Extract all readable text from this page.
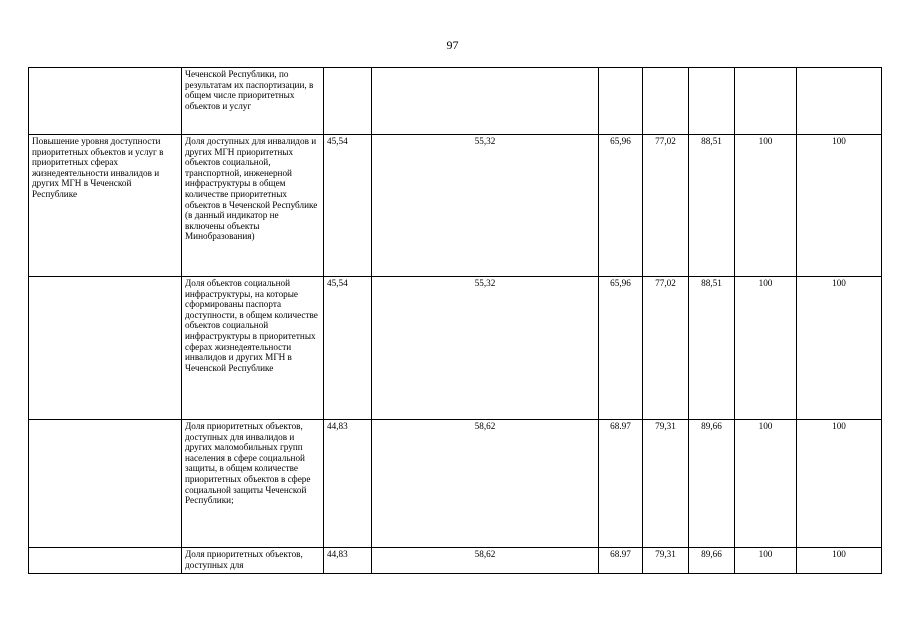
97
	Чеченской Республики, по результатам их паспортизации, в общем числе приоритетных объектов и услуг							
Повышение уровня доступности приоритетных объектов и услуг в приоритетных сферах жизнедеятельности инвалидов и других МГН в Чеченской Республике	Доля доступных для инвалидов и других МГН приоритетных объектов социальной, транспортной, инженерной инфраструктуры в общем количестве приоритетных объектов в Чеченской Республике (в данный индикатор не включены объекты Минобразования)	45,54	55,32	65,96	77,02	88,51	100	100
	Доля объектов социальной инфраструктуры, на которые сформированы паспорта доступности, в общем количестве объектов социальной инфраструктуры в приоритетных сферах жизнедеятельности инвалидов и других МГН в Чеченской Республике	45,54	55,32	65,96	77,02	88,51	100	100
	Доля приоритетных объектов, доступных для инвалидов и других маломобильных групп населения в сфере социальной защиты, в общем количестве приоритетных объектов в сфере социальной защиты Чеченской Республики;	44,83	58,62	68.97	79,31	89,66	100	100
	Доля приоритетных объектов, доступных для	44,83	58,62	68.97	79,31	89,66	100	100
